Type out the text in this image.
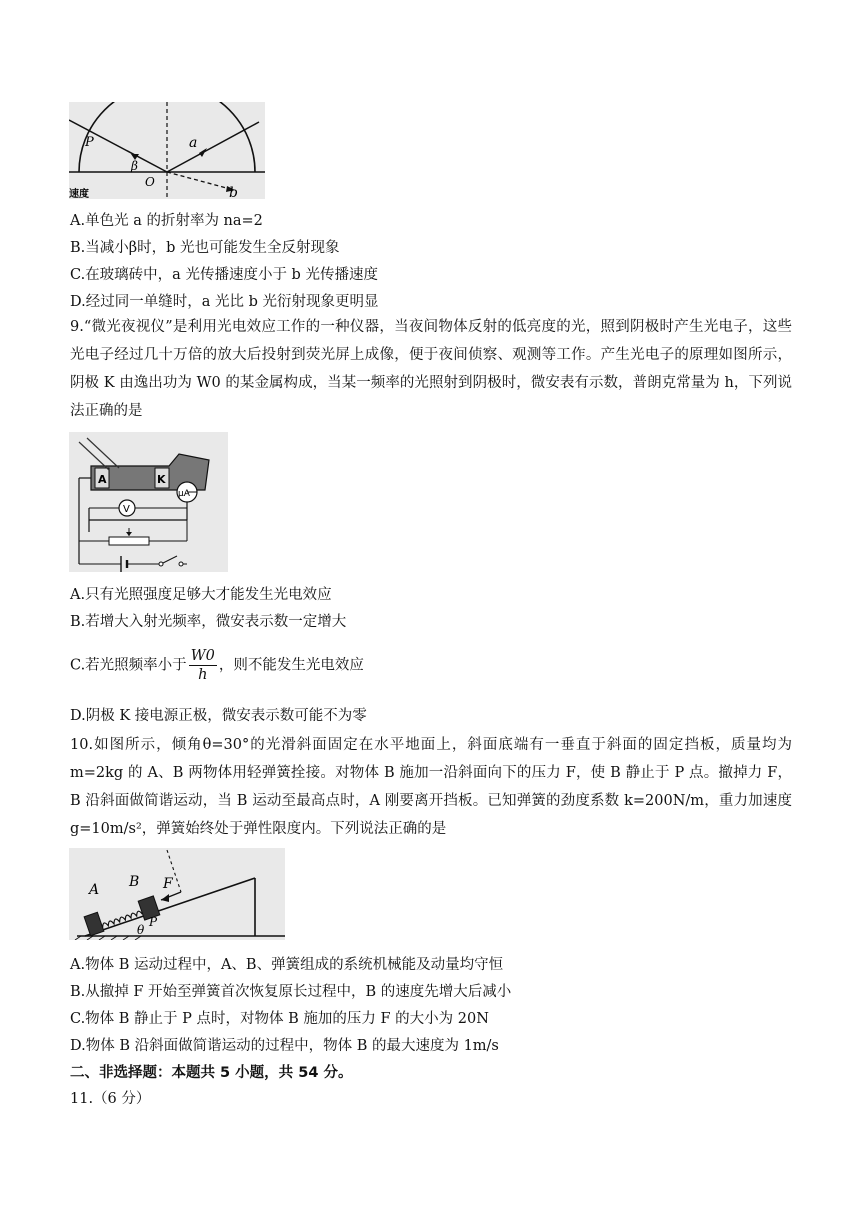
P	a
b
O
β
速度
A.单色光 a 的折射率为 na=2
B.当减小β时，b 光也可能发生全反射现象
C.在玻璃砖中，a 光传播速度小于 b 光传播速度
D.经过同一单缝时，a 光比 b 光衍射现象更明显
9.“微光夜视仪”是利用光电效应工作的一种仪器，当夜间物体反射的低亮度的光，照到阴极时产生光电子，这些光电子经过几十万倍的放大后投射到荧光屏上成像，便于夜间侦察、观测等工作。产生光电子的原理如图所示，阴极 K 由逸出功为 W0 的某金属构成，当某一频率的光照射到阴极时，微安表有示数，普朗克常量为 h，下列说法正确的是
A	K
μA
V
A.只有光照强度足够大才能发生光电效应
B.若增大入射光频率，微安表示数一定增大
C.若光照频率小于 $\frac{W0}{h}$ ，则不能发生光电效应
D.阴极 K 接电源正极，微安表示数可能不为零
10.如图所示，倾角θ=30°的光滑斜面固定在水平地面上，斜面底端有一垂直于斜面的固定挡板，质量均为 m=2kg 的 A、B 两物体用轻弹簧拴接。对物体 B 施加一沿斜面向下的压力 F，使 B 静止于 P 点。撤掉力 F，B 沿斜面做简谐运动，当 B 运动至最高点时，A 刚要离开挡板。已知弹簧的劲度系数 k=200N/m，重力加速度 g=10m/s²，弹簧始终处于弹性限度内。下列说法正确的是
A B F
P
θ
A.物体 B 运动过程中，A、B、弹簧组成的系统机械能及动量均守恒
B.从撤掉 F 开始至弹簧首次恢复原长过程中，B 的速度先增大后减小
C.物体 B 静止于 P 点时，对物体 B 施加的压力 F 的大小为 20N
D.物体 B 沿斜面做简谐运动的过程中，物体 B 的最大速度为 1m/s
二、非选择题：本题共 5 小题，共 54 分。
11.（6 分）
